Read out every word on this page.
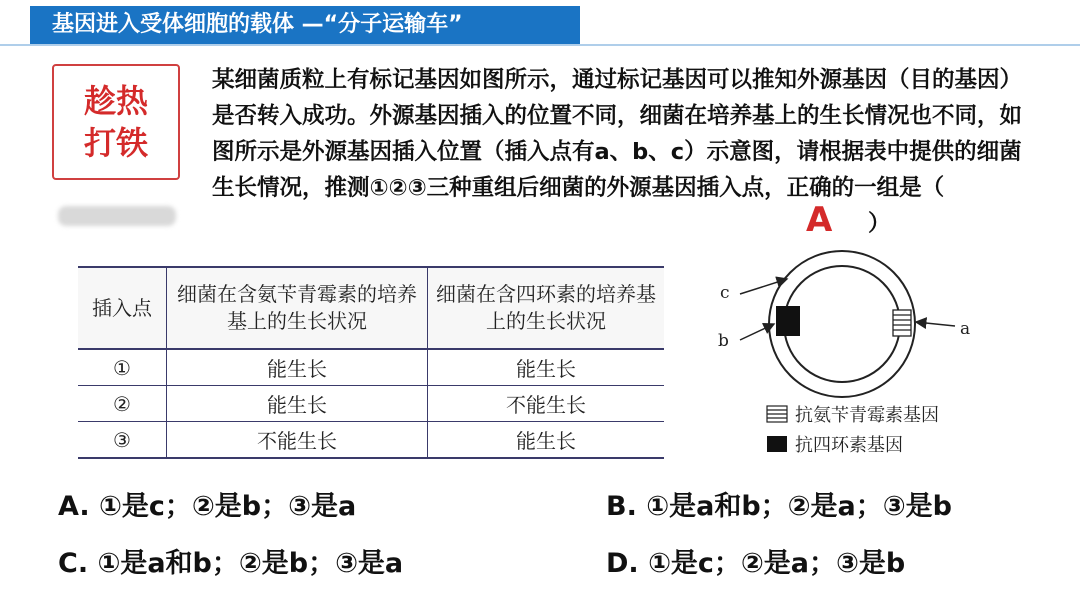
基因进入受体细胞的载体 —“分子运输车”
趁热
打铁
某细菌质粒上有标记基因如图所示，通过标记基因可以推知外源基因（目的基因）是否转入成功。外源基因插入的位置不同，细菌在培养基上的生长情况也不同，如图所示是外源基因插入位置（插入点有a、b、c）示意图，请根据表中提供的细菌生长情况，推测①②③三种重组后细菌的外源基因插入点，正确的一组是（
A ）
插入点	细菌在含氨苄青霉素的培养基上的生长状况	细菌在含四环素的培养基上的生长状况
①	能生长	能生长
②	能生长	不能生长
③	不能生长	能生长
c
b
a
抗氨苄青霉素基因
抗四环素基因
A. ①是c；②是b；③是a	B. ①是a和b；②是a；③是b
C. ①是a和b；②是b；③是a	D. ①是c；②是a；③是b
